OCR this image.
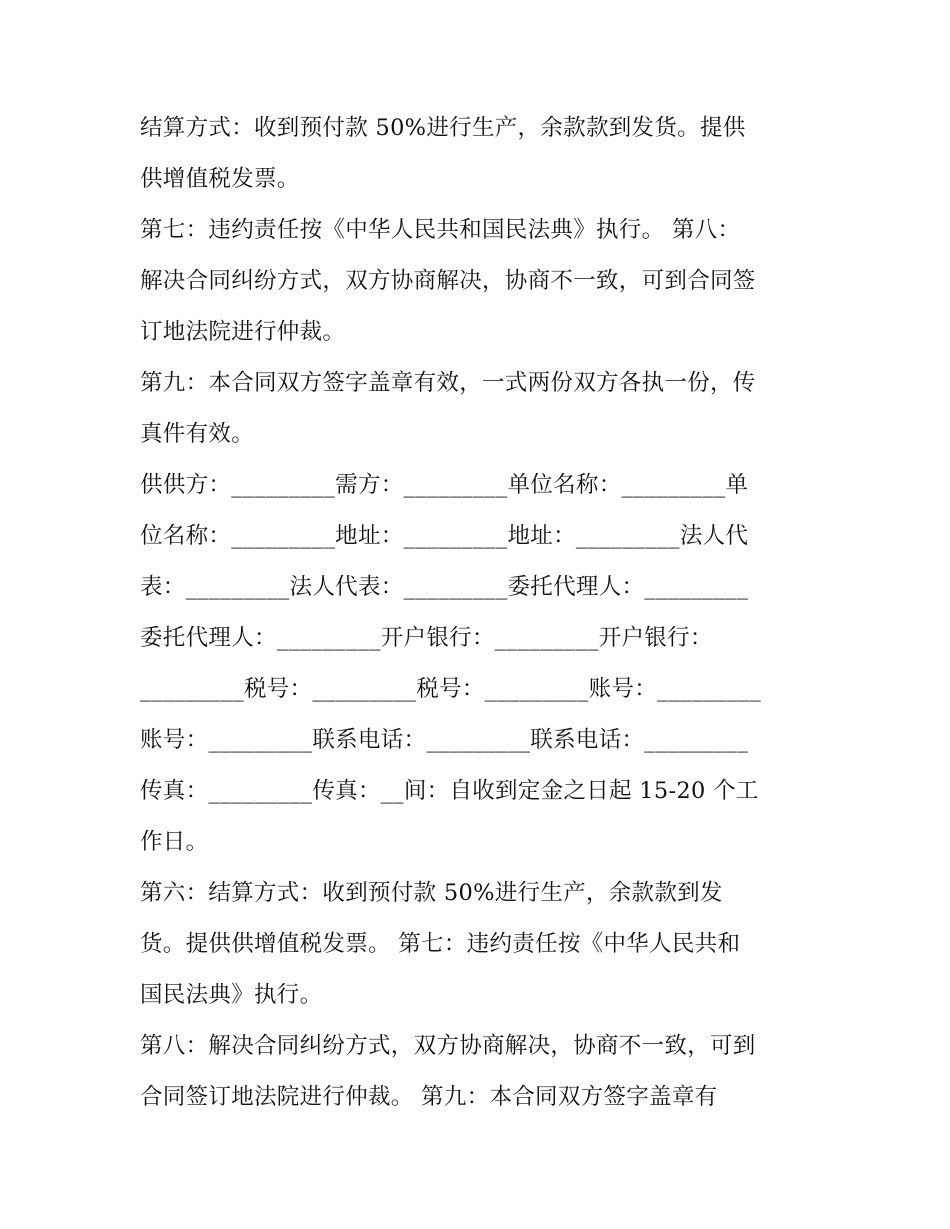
结算方式：收到预付款 50%进行生产，余款款到发货。提供
供增值税发票。
第七：违约责任按《中华人民共和国民法典》执行。 第八：
解决合同纠纷方式，双方协商解决，协商不一致，可到合同签
订地法院进行仲裁。
第九：本合同双方签字盖章有效，一式两份双方各执一份，传
真件有效。
供供方：_________需方：_________单位名称：_________单
位名称：_________地址：_________地址：_________法人代
表：_________法人代表：_________委托代理人：_________
委托代理人：_________开户银行：_________开户银行：
_________税号：_________税号：_________账号：_________
账号：_________联系电话：_________联系电话：_________
传真：_________传真：__间：自收到定金之日起 15-20 个工
作日。
第六：结算方式：收到预付款 50%进行生产，余款款到发
货。提供供增值税发票。 第七：违约责任按《中华人民共和
国民法典》执行。
第八：解决合同纠纷方式，双方协商解决，协商不一致，可到
合同签订地法院进行仲裁。 第九：本合同双方签字盖章有
